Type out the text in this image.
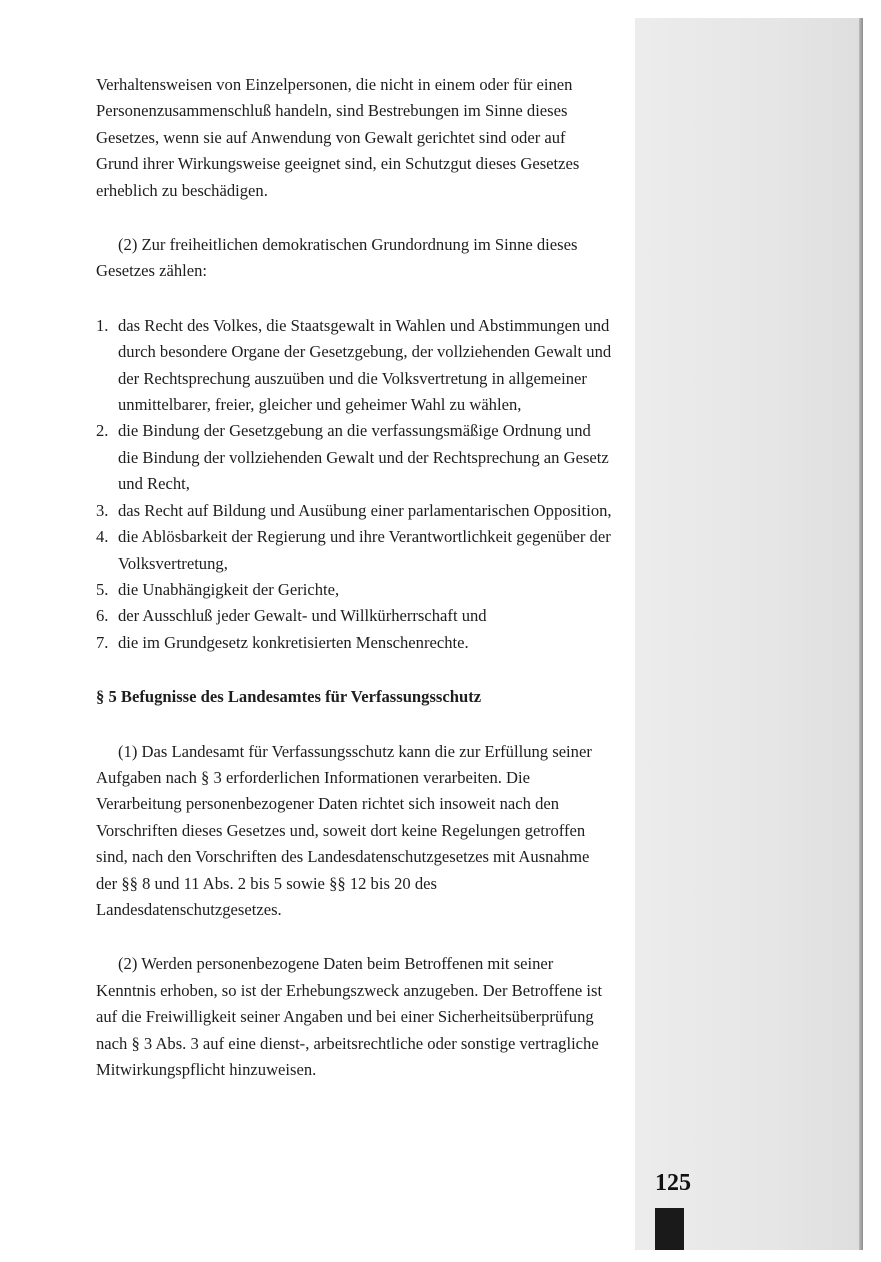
Verhaltensweisen von Einzelpersonen, die nicht in einem oder für einen Personenzusammenschluß handeln, sind Bestrebungen im Sinne dieses Gesetzes, wenn sie auf Anwendung von Gewalt gerichtet sind oder auf Grund ihrer Wirkungsweise geeignet sind, ein Schutzgut dieses Gesetzes erheblich zu beschädigen.

(2) Zur freiheitlichen demokratischen Grundordnung im Sinne dieses Gesetzes zählen:

1. das Recht des Volkes, die Staatsgewalt in Wahlen und Abstimmungen und durch besondere Organe der Gesetzgebung, der vollziehenden Gewalt und der Rechtsprechung auszuüben und die Volksvertretung in allgemeiner unmittelbarer, freier, gleicher und geheimer Wahl zu wählen,
2. die Bindung der Gesetzgebung an die verfassungsmäßige Ordnung und die Bindung der vollziehenden Gewalt und der Rechtsprechung an Gesetz und Recht,
3. das Recht auf Bildung und Ausübung einer parlamentarischen Opposition,
4. die Ablösbarkeit der Regierung und ihre Verantwortlichkeit gegenüber der Volksvertretung,
5. die Unabhängigkeit der Gerichte,
6. der Ausschluß jeder Gewalt- und Willkürherrschaft und
7. die im Grundgesetz konkretisierten Menschenrechte.
§ 5 Befugnisse des Landesamtes für Verfassungsschutz

(1) Das Landesamt für Verfassungsschutz kann die zur Erfüllung seiner Aufgaben nach § 3 erforderlichen Informationen verarbeiten. Die Verarbeitung personenbezogener Daten richtet sich insoweit nach den Vorschriften dieses Gesetzes und, soweit dort keine Regelungen getroffen sind, nach den Vorschriften des Landesdatenschutzgesetzes mit Ausnahme der §§ 8 und 11 Abs. 2 bis 5 sowie §§ 12 bis 20 des Landesdatenschutzgesetzes.

(2) Werden personenbezogene Daten beim Betroffenen mit seiner Kenntnis erhoben, so ist der Erhebungszweck anzugeben. Der Betroffene ist auf die Freiwilligkeit seiner Angaben und bei einer Sicherheitsüberprüfung nach § 3 Abs. 3 auf eine dienst-, arbeitsrechtliche oder sonstige vertragliche Mitwirkungspflicht hinzuweisen.

125
